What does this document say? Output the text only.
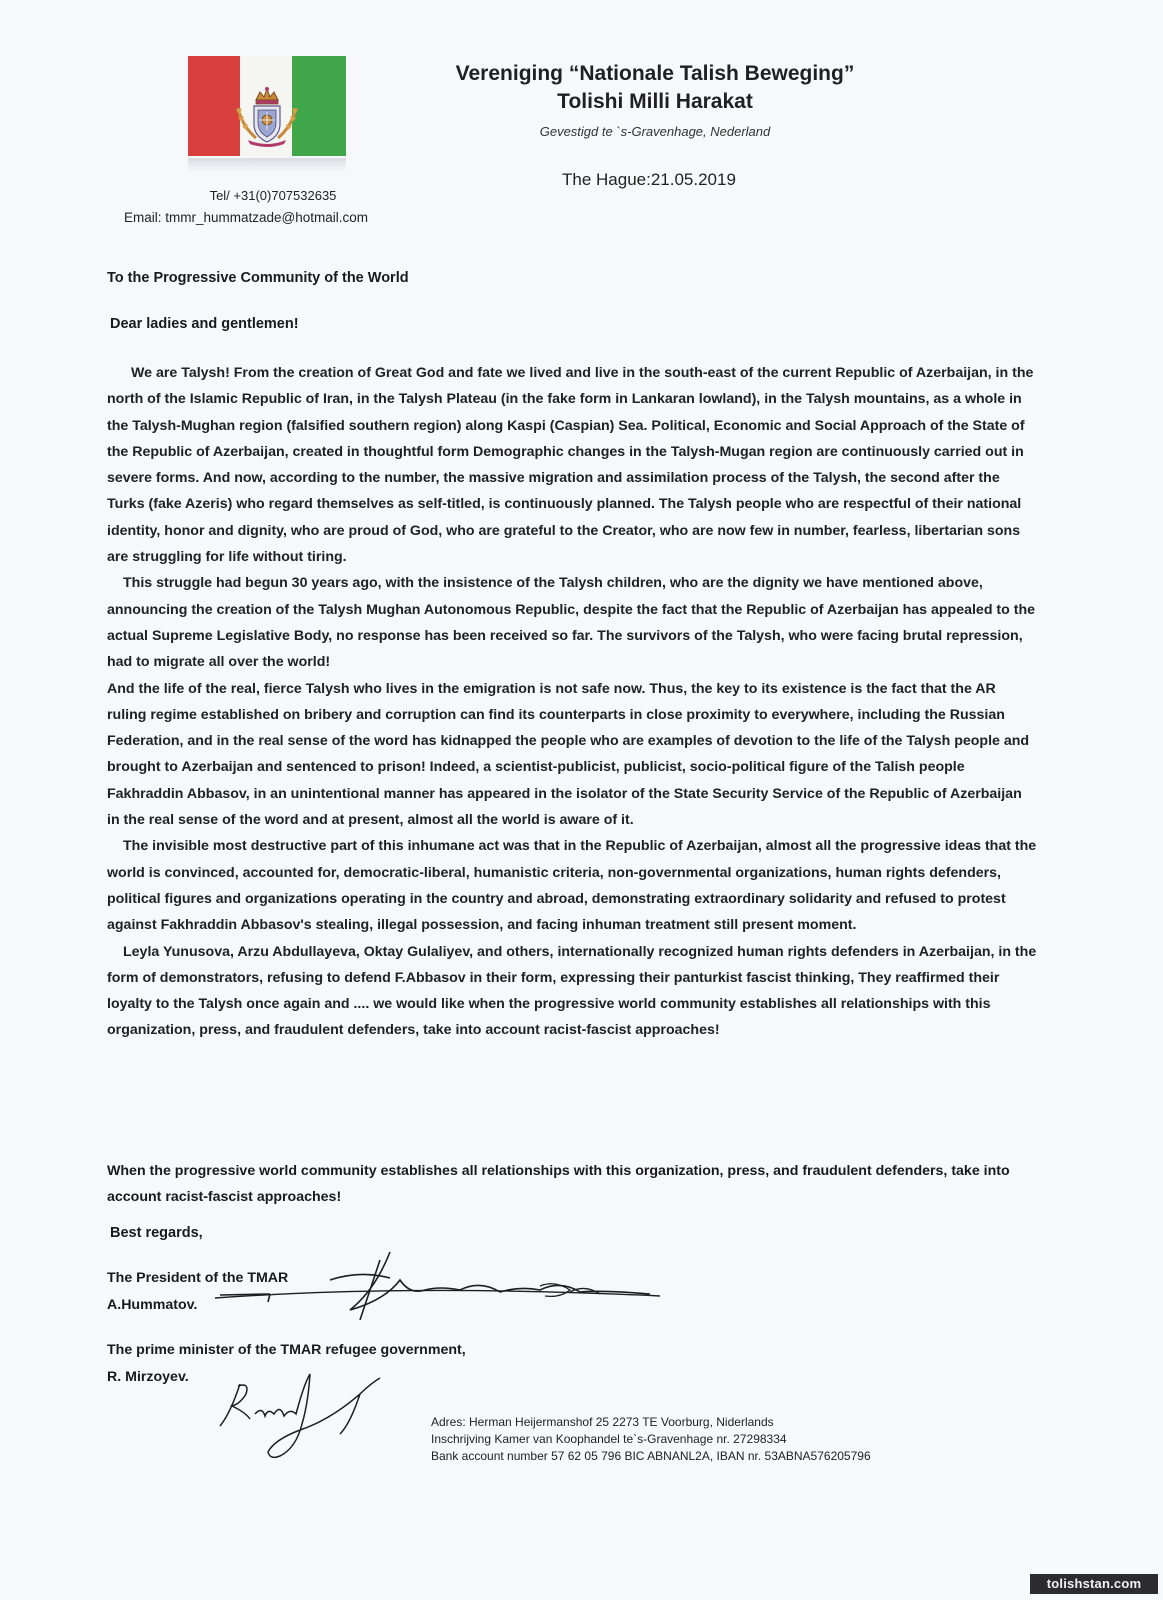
Vereniging “Nationale Talish Beweging”
Tolishi Milli Harakat
Gevestigd te `s-Gravenhage, Nederland
The Hague:21.05.2019
Tel/ +31(0)707532635
Email: tmmr_hummatzade@hotmail.com
To the Progressive Community of the World
Dear ladies and gentlemen!

We are Talysh! From the creation of Great God and fate we lived and live in the south-east of the current Republic of Azerbaijan, in the north of the Islamic Republic of Iran, in the Talysh Plateau (in the fake form in Lankaran lowland), in the Talysh mountains, as a whole in the Talysh-Mughan region (falsified southern region) along Kaspi (Caspian) Sea. Political, Economic and Social Approach of the State of the Republic of Azerbaijan, created in thoughtful form Demographic changes in the Talysh-Mugan region are continuously carried out in severe forms. And now, according to the number, the massive migration and assimilation process of the Talysh, the second after the Turks (fake Azeris) who regard themselves as self-titled, is continuously planned. The Talysh people who are respectful of their national identity, honor and dignity, who are proud of God, who are grateful to the Creator, who are now few in number, fearless, libertarian sons are struggling for life without tiring.

This struggle had begun 30 years ago, with the insistence of the Talysh children, who are the dignity we have mentioned above, announcing the creation of the Talysh Mughan Autonomous Republic, despite the fact that the Republic of Azerbaijan has appealed to the actual Supreme Legislative Body, no response has been received so far. The survivors of the Talysh, who were facing brutal repression, had to migrate all over the world!

And the life of the real, fierce Talysh who lives in the emigration is not safe now. Thus, the key to its existence is the fact that the AR ruling regime established on bribery and corruption can find its counterparts in close proximity to everywhere, including the Russian Federation, and in the real sense of the word has kidnapped the people who are examples of devotion to the life of the Talysh people and brought to Azerbaijan and sentenced to prison! Indeed, a scientist-publicist, publicist, socio-political figure of the Talish people Fakhraddin Abbasov, in an unintentional manner has appeared in the isolator of the State Security Service of the Republic of Azerbaijan in the real sense of the word and at present, almost all the world is aware of it.

The invisible most destructive part of this inhumane act was that in the Republic of Azerbaijan, almost all the progressive ideas that the world is convinced, accounted for, democratic-liberal, humanistic criteria, non-governmental organizations, human rights defenders, political figures and organizations operating in the country and abroad, demonstrating extraordinary solidarity and refused to protest against Fakhraddin Abbasov's stealing, illegal possession, and facing inhuman treatment still present moment.

Leyla Yunusova, Arzu Abdullayeva, Oktay Gulaliyev, and others, internationally recognized human rights defenders in Azerbaijan, in the form of demonstrators, refusing to defend F.Abbasov in their form, expressing their panturkist fascist thinking, They reaffirmed their loyalty to the Talysh once again and .... we would like when the progressive world community establishes all relationships with this organization, press, and fraudulent defenders, take into account racist-fascist approaches!

When the progressive world community establishes all relationships with this organization, press, and fraudulent defenders, take into account racist-fascist approaches!
Best regards,
The President of the TMAR
A.Hummatov.
The prime minister of the TMAR refugee government,
R. Mirzoyev.
Adres: Herman Heijermanshof 25 2273 TE Voorburg, Niderlands
Inschrijving Kamer van Koophandel te`s-Gravenhage nr. 27298334
Bank account number 57 62 05 796 BIC ABNANL2A, IBAN nr. 53ABNA576205796
tolishstan.com
